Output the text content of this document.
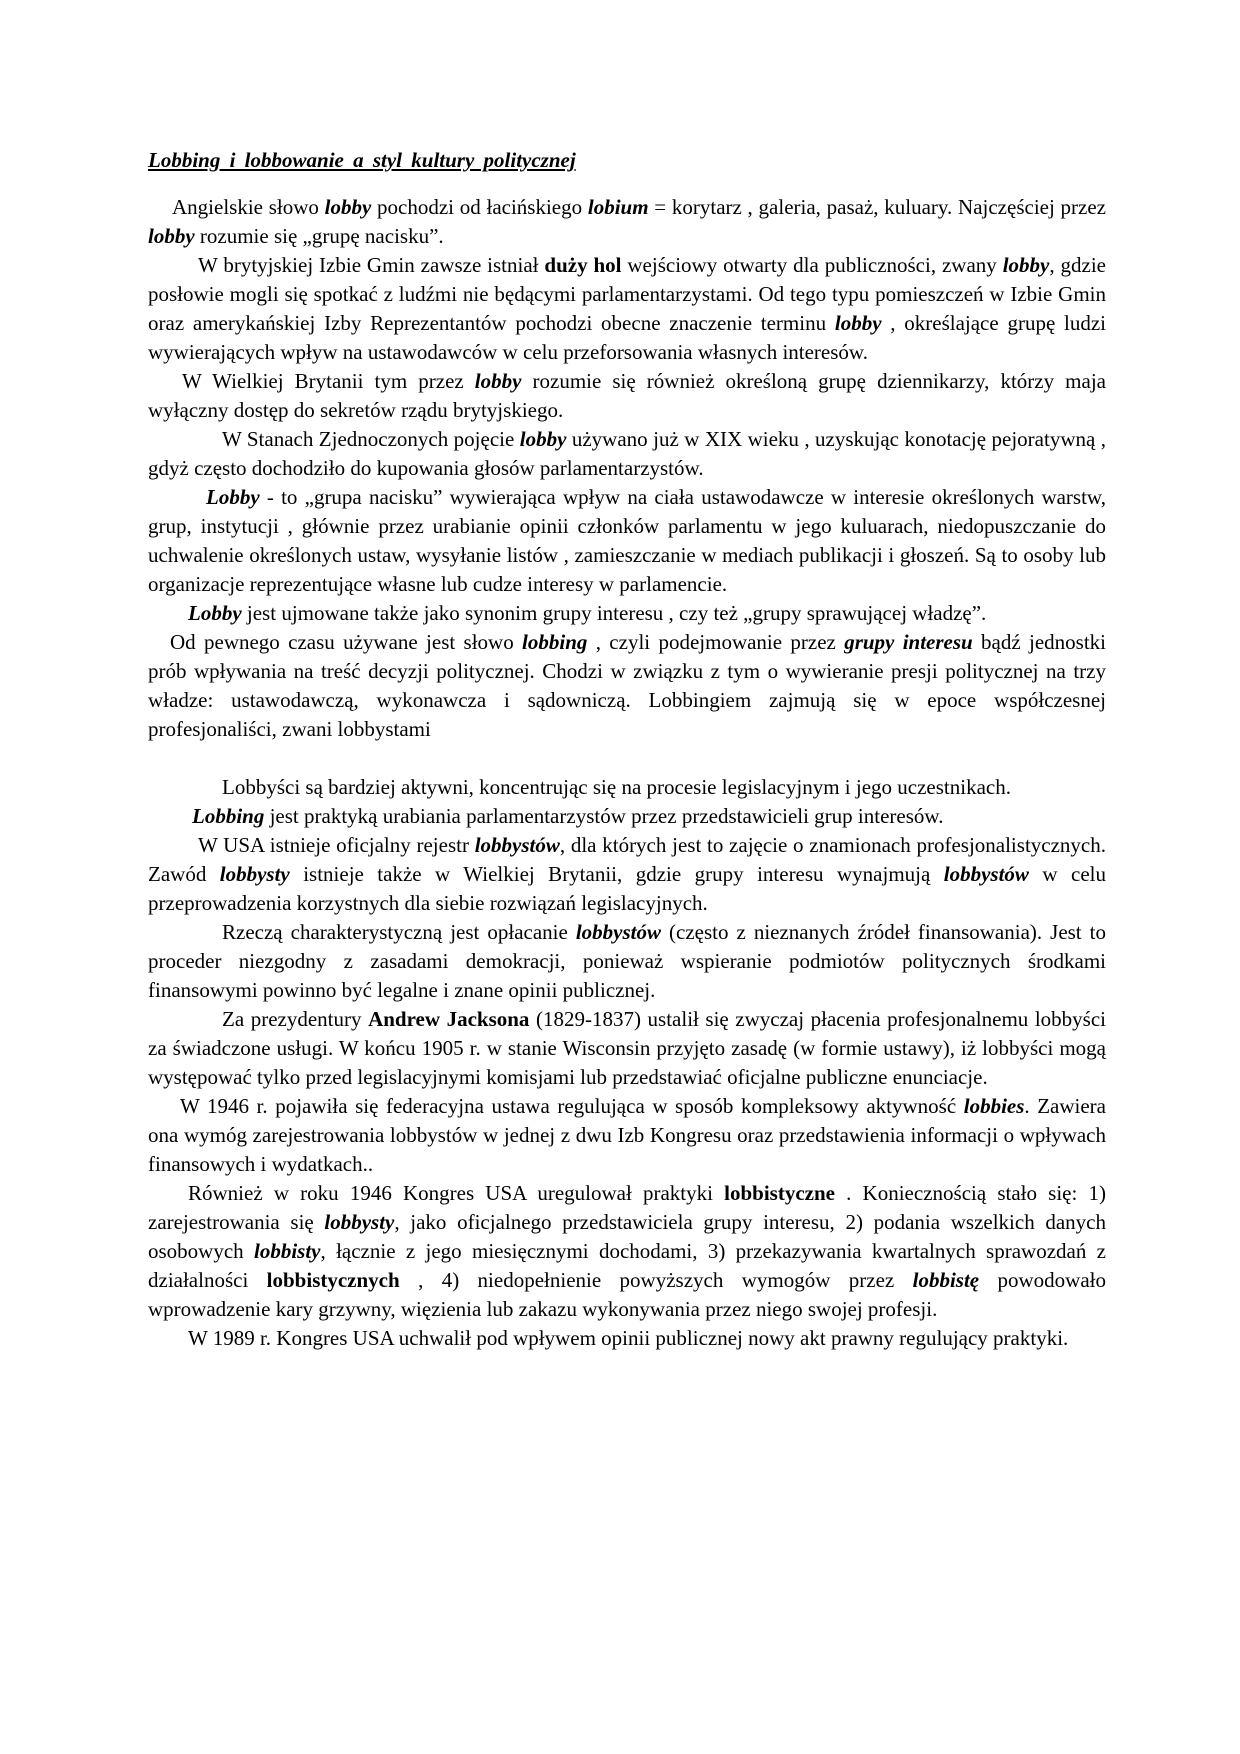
Lobbing i lobbowanie a styl kultury politycznej

Angielskie słowo lobby pochodzi od łacińskiego lobium = korytarz , galeria, pasaż, kuluary. Najczęściej przez lobby rozumie się „grupę nacisku”.

W brytyjskiej Izbie Gmin zawsze istniał duży hol wejściowy otwarty dla publiczności, zwany lobby, gdzie posłowie mogli się spotkać z ludźmi nie będącymi parlamentarzystami. Od tego typu pomieszczeń w Izbie Gmin oraz amerykańskiej Izby Reprezentantów pochodzi obecne znaczenie terminu lobby , określające grupę ludzi wywierających wpływ na ustawodawców w celu przeforsowania własnych interesów.

W Wielkiej Brytanii tym przez lobby rozumie się również określoną grupę dziennikarzy, którzy maja wyłączny dostęp do sekretów rządu brytyjskiego.

W Stanach Zjednoczonych pojęcie lobby używano już w XIX wieku , uzyskując konotację pejoratywną , gdyż często dochodziło do kupowania głosów parlamentarzystów.

Lobby - to „grupa nacisku” wywierająca wpływ na ciała ustawodawcze w interesie określonych warstw, grup, instytucji , głównie przez urabianie opinii członków parlamentu w jego kuluarach, niedopuszczanie do uchwalenie określonych ustaw, wysyłanie listów , zamieszczanie w mediach publikacji i głoszeń. Są to osoby lub organizacje reprezentujące własne lub cudze interesy w parlamencie.

Lobby jest ujmowane także jako synonim grupy interesu , czy też „grupy sprawującej władzę”.

Od pewnego czasu używane jest słowo lobbing , czyli podejmowanie przez grupy interesu bądź jednostki prób wpływania na treść decyzji politycznej. Chodzi w związku z tym o wywieranie presji politycznej na trzy władze: ustawodawczą, wykonawcza i sądowniczą. Lobbingiem zajmują się w epoce współczesnej profesjonaliści, zwani lobbystami

Lobbyści są bardziej aktywni, koncentrując się na procesie legislacyjnym i jego uczestnikach.

Lobbing jest praktyką urabiania parlamentarzystów przez przedstawicieli grup interesów.

W USA istnieje oficjalny rejestr lobbystów, dla których jest to zajęcie o znamionach profesjonalistycznych. Zawód lobbysty istnieje także w Wielkiej Brytanii, gdzie grupy interesu wynajmują lobbystów w celu przeprowadzenia korzystnych dla siebie rozwiązań legislacyjnych.

Rzeczą charakterystyczną jest opłacanie lobbystów (często z nieznanych źródeł finansowania). Jest to proceder niezgodny z zasadami demokracji, ponieważ wspieranie podmiotów politycznych środkami finansowymi powinno być legalne i znane opinii publicznej.

Za prezydentury Andrew Jacksona (1829-1837) ustalił się zwyczaj płacenia profesjonalnemu lobbyści za świadczone usługi. W końcu 1905 r. w stanie Wisconsin przyjęto zasadę (w formie ustawy), iż lobbyści mogą występować tylko przed legislacyjnymi komisjami lub przedstawiać oficjalne publiczne enunciacje.

W 1946 r. pojawiła się federacyjna ustawa regulująca w sposób kompleksowy aktywność lobbies. Zawiera ona wymóg zarejestrowania lobbystów w jednej z dwu Izb Kongresu oraz przedstawienia informacji o wpływach finansowych i wydatkach..

Również w roku 1946 Kongres USA uregulował praktyki lobbistyczne . Koniecznością stało się: 1) zarejestrowania się lobbysty, jako oficjalnego przedstawiciela grupy interesu, 2) podania wszelkich danych osobowych lobbisty, łącznie z jego miesięcznymi dochodami, 3) przekazywania kwartalnych sprawozdań z działalności lobbistycznych , 4) niedopełnienie powyższych wymogów przez lobbistę powodowało wprowadzenie kary grzywny, więzienia lub zakazu wykonywania przez niego swojej profesji.

W 1989 r. Kongres USA uchwalił pod wpływem opinii publicznej nowy akt prawny regulujący praktyki.
